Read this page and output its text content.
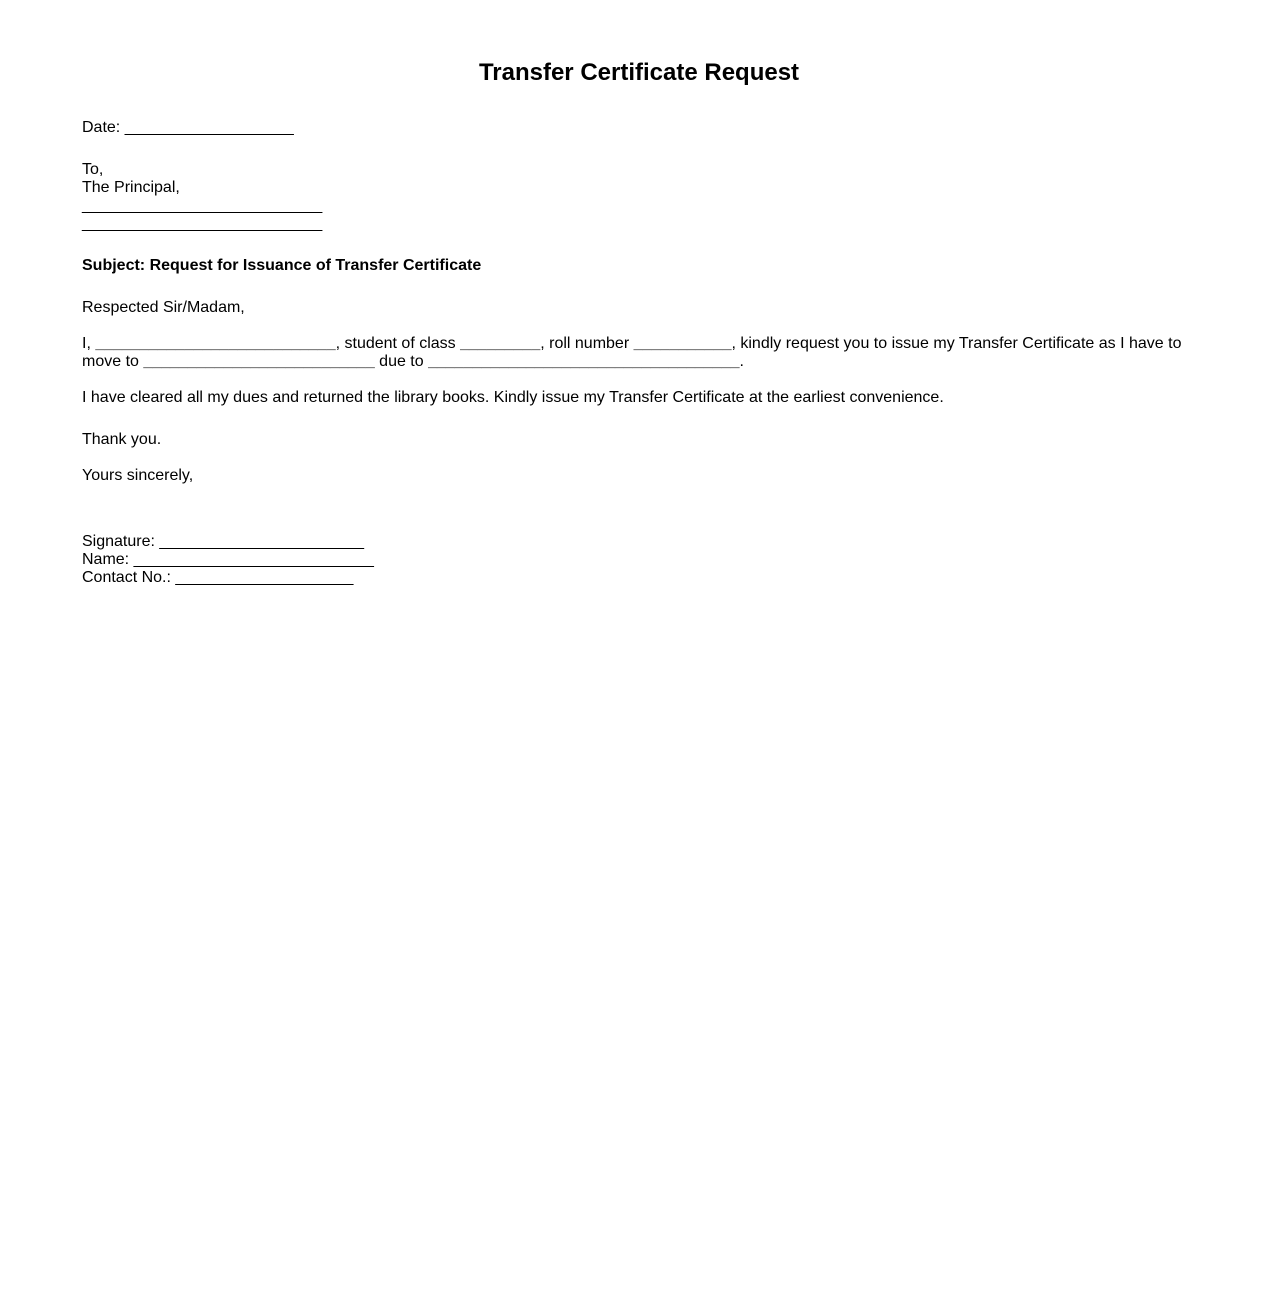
Transfer Certificate Request
Date: ___________________
To,
The Principal,
___________________________
___________________________
Subject: Request for Issuance of Transfer Certificate
Respected Sir/Madam,
I, ___________________________, student of class _________, roll number ___________, kindly request you to issue my Transfer Certificate as I have to move to __________________________ due to ___________________________________.
I have cleared all my dues and returned the library books. Kindly issue my Transfer Certificate at the earliest convenience.
Thank you.
Yours sincerely,
Signature: _______________________
Name: ___________________________
Contact No.: ____________________
